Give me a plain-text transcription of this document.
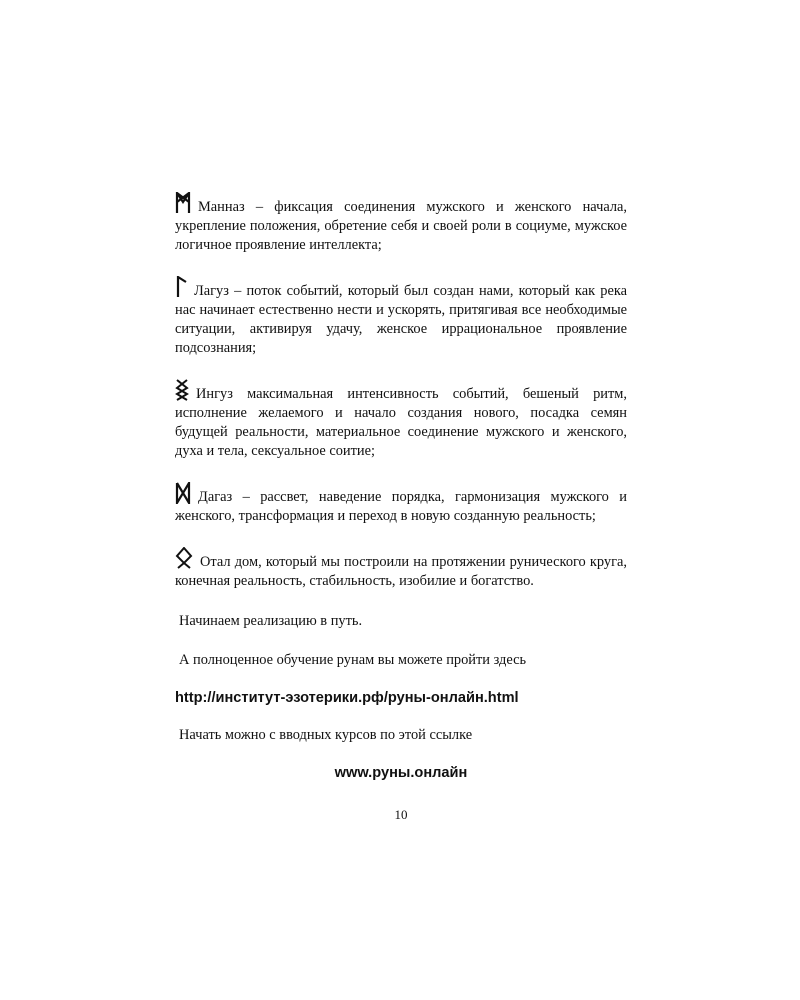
Манназ – фиксация соединения мужского и женского начала, укрепление положения, обретение себя и своей роли в социуме, мужское логичное проявление интеллекта;

Лагуз – поток событий, который был создан нами, который как река нас начинает естественно нести и ускорять, притягивая все необходимые ситуации, активируя удачу, женское иррациональное проявление подсознания;

Ингуз максимальная интенсивность событий, бешеный ритм, исполнение желаемого и начало создания нового, посадка семян будущей реальности, материальное соединение мужского и женского, духа и тела, сексуальное соитие;

Дагаз – рассвет, наведение порядка, гармонизация мужского и женского, трансформация и переход в новую созданную реальность;

Отал дом, который мы построили на протяжении рунического круга, конечная реальность, стабильность, изобилие и богатство.

Начинаем реализацию в путь.

А полноценное обучение рунам вы можете пройти здесь

http://институт-эзотерики.рф/руны-онлайн.html

Начать можно с вводных курсов по этой ссылке

www.руны.онлайн

10
